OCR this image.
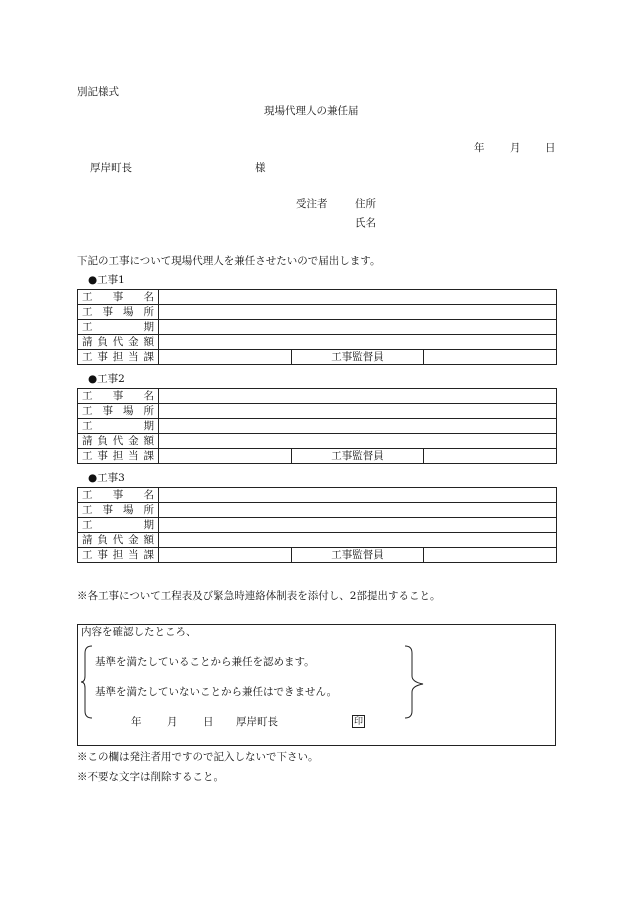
別記様式
現場代理人の兼任届
年 月 日
厚岸町長	様
受注者	住所
氏名
下記の工事について現場代理人を兼任させたいので届出します。
●工事1
工　事　名			
工事場所			
工　　期			
請負代金額			
工事担当課		工事監督員	
●工事2
工　事　名			
工事場所			
工　　期			
請負代金額			
工事担当課		工事監督員	
●工事3
工　事　名			
工事場所			
工　　期			
請負代金額			
工事担当課		工事監督員	
※各工事について工程表及び緊急時連絡体制表を添付し、2部提出すること。
内容を確認したところ、
基準を満たしていることから兼任を認めます。
基準を満たしていないことから兼任はできません。
年 月 日 厚岸町長	印
※この欄は発注者用ですので記入しないで下さい。
※不要な文字は削除すること。
